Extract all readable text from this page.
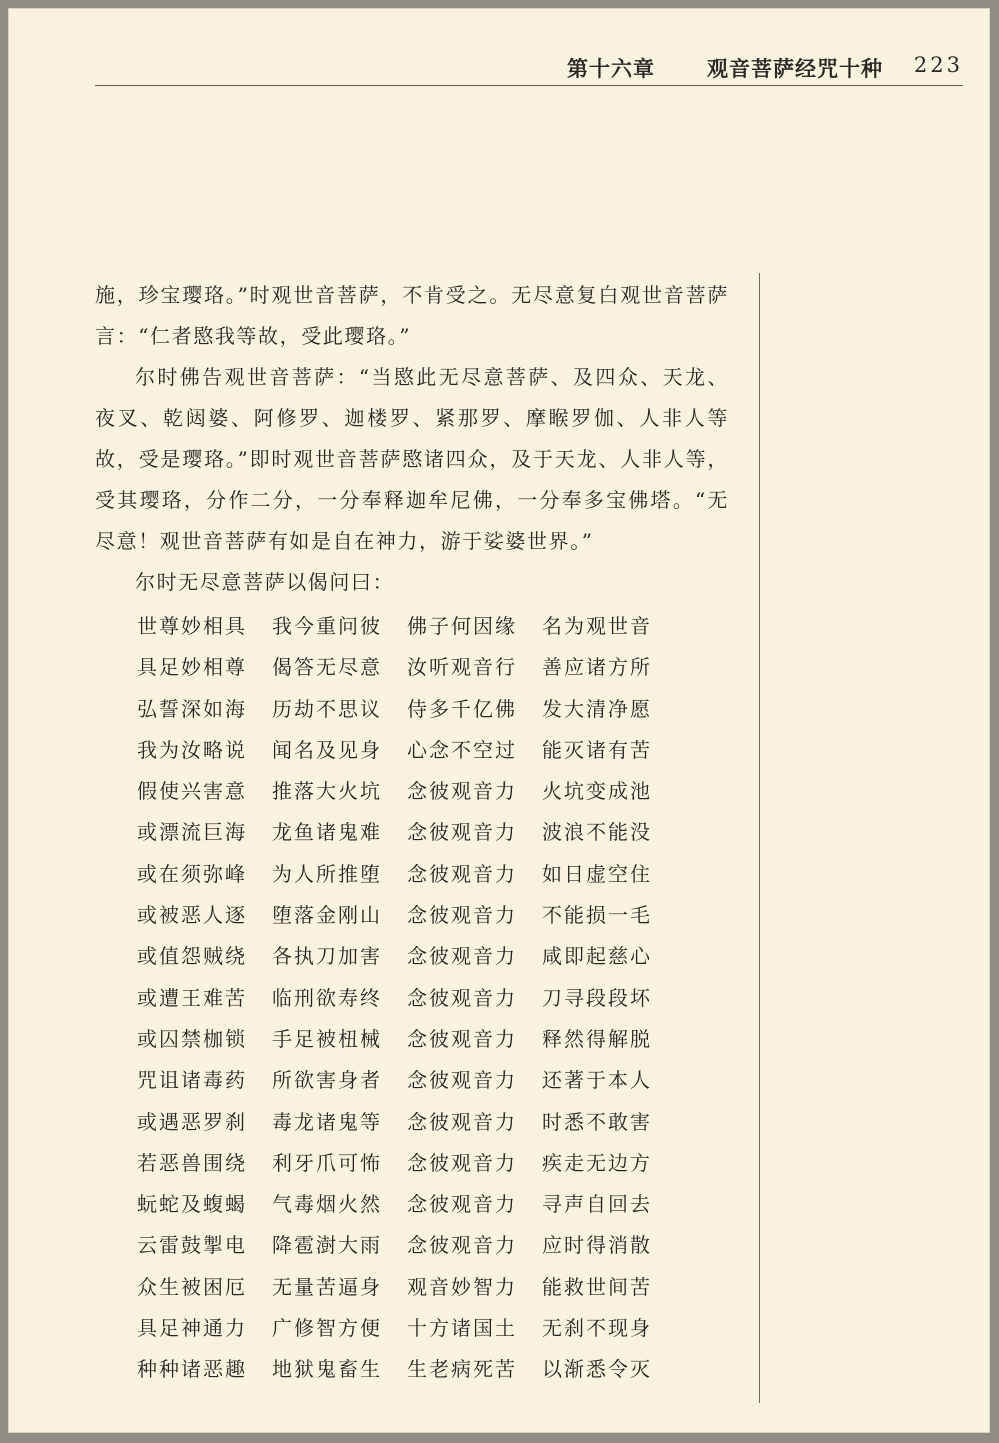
第十六章 观音菩萨经咒十种 223

施，珍宝璎珞。”时观世音菩萨，不肯受之。无尽意复白观世音菩萨言：“仁者愍我等故，受此璎珞。”

尔时佛告观世音菩萨：“当愍此无尽意菩萨、及四众、天龙、夜叉、乾闼婆、阿修罗、迦楼罗、紧那罗、摩睺罗伽、人非人等故，受是璎珞。”即时观世音菩萨愍诸四众，及于天龙、人非人等，受其璎珞，分作二分，一分奉释迦牟尼佛，一分奉多宝佛塔。“无尽意！观世音菩萨有如是自在神力，游于娑婆世界。”

尔时无尽意菩萨以偈问曰：

世尊妙相具 我今重问彼 佛子何因缘 名为观世音
具足妙相尊 偈答无尽意 汝听观音行 善应诸方所
弘誓深如海 历劫不思议 侍多千亿佛 发大清净愿
我为汝略说 闻名及见身 心念不空过 能灭诸有苦
假使兴害意 推落大火坑 念彼观音力 火坑变成池
或漂流巨海 龙鱼诸鬼难 念彼观音力 波浪不能没
或在须弥峰 为人所推堕 念彼观音力 如日虚空住
或被恶人逐 堕落金刚山 念彼观音力 不能损一毛
或值怨贼绕 各执刀加害 念彼观音力 咸即起慈心
或遭王难苦 临刑欲寿终 念彼观音力 刀寻段段坏
或囚禁枷锁 手足被杻械 念彼观音力 释然得解脱
咒诅诸毒药 所欲害身者 念彼观音力 还著于本人
或遇恶罗刹 毒龙诸鬼等 念彼观音力 时悉不敢害
若恶兽围绕 利牙爪可怖 念彼观音力 疾走无边方
蚖蛇及蝮蝎 气毒烟火然 念彼观音力 寻声自回去
云雷鼓掣电 降雹澍大雨 念彼观音力 应时得消散
众生被困厄 无量苦逼身 观音妙智力 能救世间苦
具足神通力 广修智方便 十方诸国土 无刹不现身
种种诸恶趣 地狱鬼畜生 生老病死苦 以渐悉令灭
